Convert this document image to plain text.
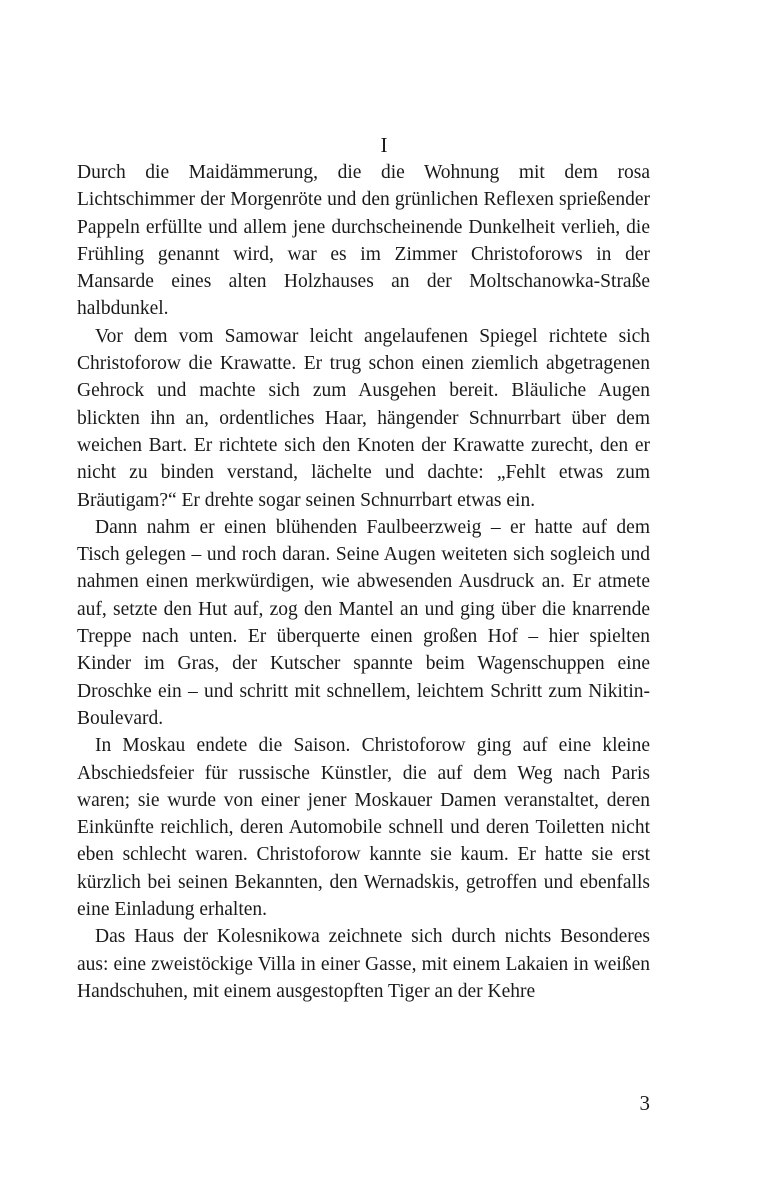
I

Durch die Maidämmerung, die die Wohnung mit dem rosa Lichtschimmer der Morgenröte und den grünlichen Reflexen sprießender Pappeln erfüllte und allem jene durchscheinende Dunkelheit verlieh, die Frühling genannt wird, war es im Zimmer Christoforows in der Mansarde eines alten Holzhauses an der Moltschanowka-Straße halbdunkel.

Vor dem vom Samowar leicht angelaufenen Spiegel richtete sich Christoforow die Krawatte. Er trug schon einen ziemlich abgetragenen Gehrock und machte sich zum Ausgehen bereit. Bläuliche Augen blickten ihn an, ordentliches Haar, hängender Schnurrbart über dem weichen Bart. Er richtete sich den Knoten der Krawatte zurecht, den er nicht zu binden verstand, lächelte und dachte: „Fehlt etwas zum Bräutigam?“ Er drehte sogar seinen Schnurrbart etwas ein.

Dann nahm er einen blühenden Faulbeerzweig – er hatte auf dem Tisch gelegen – und roch daran. Seine Augen weiteten sich sogleich und nahmen einen merkwürdigen, wie abwesenden Ausdruck an. Er atmete auf, setzte den Hut auf, zog den Mantel an und ging über die knarrende Treppe nach unten. Er überquerte einen großen Hof – hier spielten Kinder im Gras, der Kutscher spannte beim Wagenschuppen eine Droschke ein – und schritt mit schnellem, leichtem Schritt zum Nikitin-Boulevard.

In Moskau endete die Saison. Christoforow ging auf eine kleine Abschiedsfeier für russische Künstler, die auf dem Weg nach Paris waren; sie wurde von einer jener Moskauer Damen veranstaltet, deren Einkünfte reichlich, deren Automobile schnell und deren Toiletten nicht eben schlecht waren. Christoforow kannte sie kaum. Er hatte sie erst kürzlich bei seinen Bekannten, den Wernadskis, getroffen und ebenfalls eine Einladung erhalten.

Das Haus der Kolesnikowa zeichnete sich durch nichts Besonderes aus: eine zweistöckige Villa in einer Gasse, mit einem Lakaien in weißen Handschuhen, mit einem ausgestopften Tiger an der Kehre

3
